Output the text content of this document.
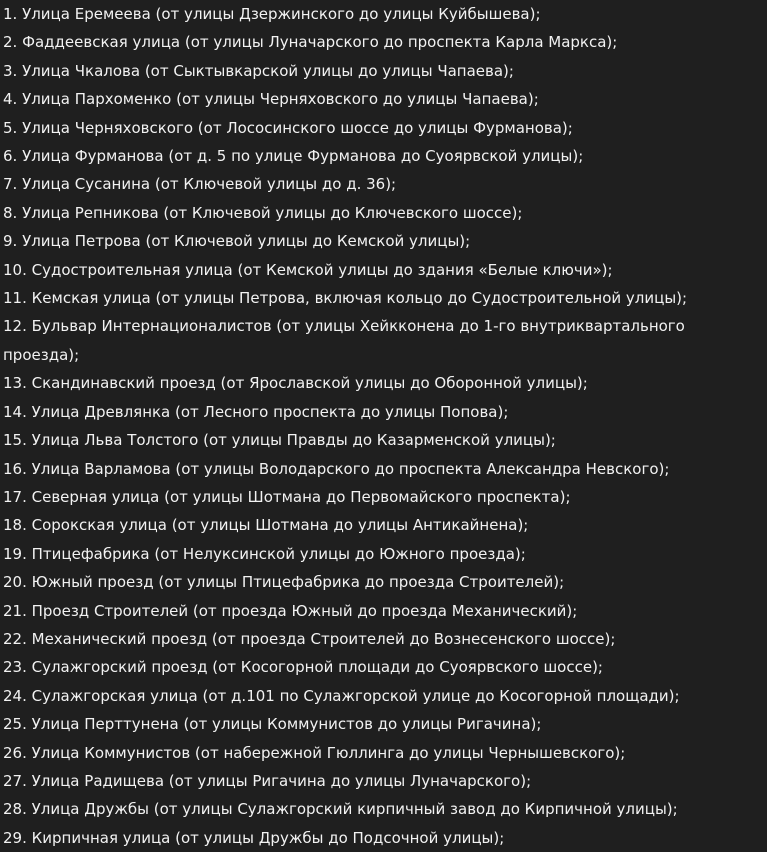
1. Улица Еремеева (от улицы Дзержинского до улицы Куйбышева);
2. Фаддеевская улица (от улицы Луначарского до проспекта Карла Маркса);
3. Улица Чкалова (от Сыктывкарской улицы до улицы Чапаева);
4. Улица Пархоменко (от улицы Черняховского до улицы Чапаева);
5. Улица Черняховского (от Лососинского шоссе до улицы Фурманова);
6. Улица Фурманова (от д. 5 по улице Фурманова до Суоярвской улицы);
7. Улица Сусанина (от Ключевой улицы до д. 36);
8. Улица Репникова (от Ключевой улицы до Ключевского шоссе);
9. Улица Петрова (от Ключевой улицы до Кемской улицы);
10. Судостроительная улица (от Кемской улицы до здания «Белые ключи»);
11. Кемская улица (от улицы Петрова, включая кольцо до Судостроительной улицы);
12. Бульвар Интернационалистов (от улицы Хейкконена до 1-го внутриквартального проезда);
13. Скандинавский проезд (от Ярославской улицы до Оборонной улицы);
14. Улица Древлянка (от Лесного проспекта до улицы Попова);
15. Улица Льва Толстого (от улицы Правды до Казарменской улицы);
16. Улица Варламова (от улицы Володарского до проспекта Александра Невского);
17. Северная улица (от улицы Шотмана до Первомайского проспекта);
18. Сорокская улица (от улицы Шотмана до улицы Антикайнена);
19. Птицефабрика (от Нелуксинской улицы до Южного проезда);
20. Южный проезд (от улицы Птицефабрика до проезда Строителей);
21. Проезд Строителей (от проезда Южный до проезда Механический);
22. Механический проезд (от проезда Строителей до Вознесенского шоссе);
23. Сулажгорский проезд (от Косогорной площади до Суоярвского шоссе);
24. Сулажгорская улица (от д.101 по Сулажгорской улице до Косогорной площади);
25. Улица Перттунена (от улицы Коммунистов до улицы Ригачина);
26. Улица Коммунистов (от набережной Гюллинга до улицы Чернышевского);
27. Улица Радищева (от улицы Ригачина до улицы Луначарского);
28. Улица Дружбы (от улицы Сулажгорский кирпичный завод до Кирпичной улицы);
29. Кирпичная улица (от улицы Дружбы до Подсочной улицы);
